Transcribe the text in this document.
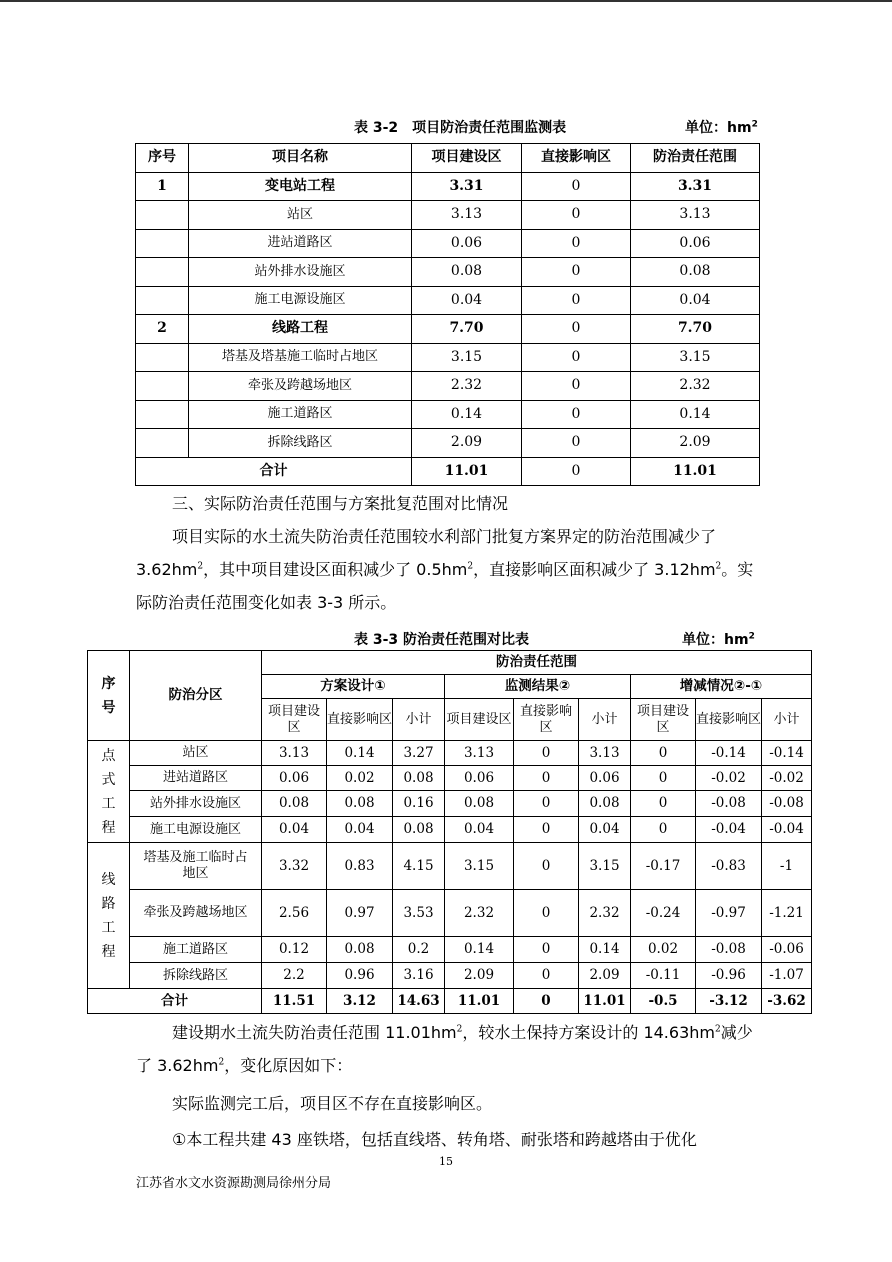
表 3-2　项目防治责任范围监测表	单位：$hm^2$
序号	项目名称	项目建设区	直接影响区	防治责任范围
1	变电站工程	3.31	0	3.31
	站区	3.13	0	3.13
	进站道路区	0.06	0	0.06
	站外排水设施区	0.08	0	0.08
	施工电源设施区	0.04	0	0.04
2	线路工程	7.70	0	7.70
	塔基及塔基施工临时占地区	3.15	0	3.15
	牵张及跨越场地区	2.32	0	2.32
	施工道路区	0.14	0	0.14
	拆除线路区	2.09	0	2.09
合计		11.01	0	11.01

三、实际防治责任范围与方案批复范围对比情况

项目实际的水土流失防治责任范围较水利部门批复方案界定的防治范围减少了 $3.62hm^2$，其中项目建设区面积减少了 $0.5hm^2$，直接影响区面积减少了 $3.12hm^2$。实际防治责任范围变化如表 3-3 所示。

表 3-3 防治责任范围对比表	单位：$hm^2$
序号	防治分区	防治责任范围								
		方案设计①			监测结果②			增减情况②-①		
		项目建设区	直接影响区	小计	项目建设区	直接影响区	小计	项目建设区	直接影响区	小计
点式工程	站区	3.13	0.14	3.27	3.13	0	3.13	0	-0.14	-0.14
	进站道路区	0.06	0.02	0.08	0.06	0	0.06	0	-0.02	-0.02
	站外排水设施区	0.08	0.08	0.16	0.08	0	0.08	0	-0.08	-0.08
	施工电源设施区	0.04	0.04	0.08	0.04	0	0.04	0	-0.04	-0.04
线路工程	塔基及施工临时占地区	3.32	0.83	4.15	3.15	0	3.15	-0.17	-0.83	-1
	牵张及跨越场地区	2.56	0.97	3.53	2.32	0	2.32	-0.24	-0.97	-1.21
	施工道路区	0.12	0.08	0.2	0.14	0	0.14	0.02	-0.08	-0.06
	拆除线路区	2.2	0.96	3.16	2.09	0	2.09	-0.11	-0.96	-1.07
合计		11.51	3.12	14.63	11.01	0	11.01	-0.5	-3.12	-3.62

建设期水土流失防治责任范围 $11.01hm^2$，较水土保持方案设计的 $14.63hm^2$减少了 $3.62hm^2$，变化原因如下：

实际监测完工后，项目区不存在直接影响区。

①本工程共建 43 座铁塔，包括直线塔、转角塔、耐张塔和跨越塔由于优化

15
江苏省水文水资源勘测局徐州分局
